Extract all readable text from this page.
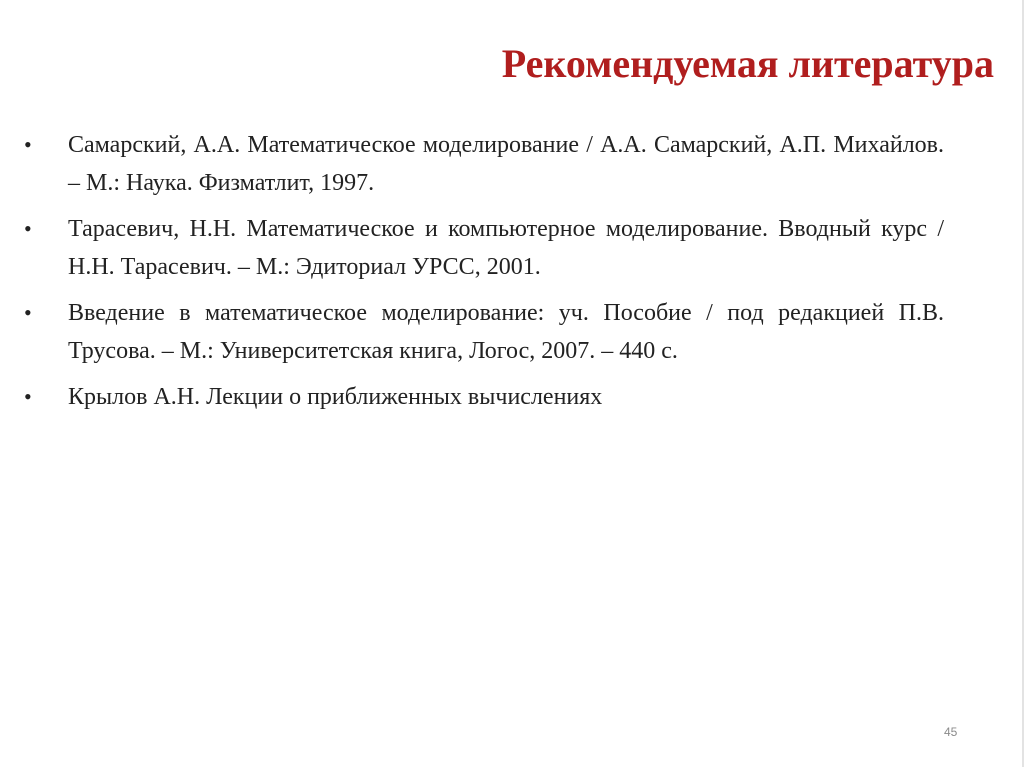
Рекомендуемая литература
•	Самарский, А.А. Математическое моделирование / А.А. Самарский, А.П. Михайлов. – М.: Наука. Физматлит, 1997.
•	Тарасевич, Н.Н. Математическое и компьютерное моделирование. Вводный курс / Н.Н. Тарасевич. – М.: Эдиториал УРСС, 2001.
•	Введение в математическое моделирование: уч. Пособие / под редакцией П.В. Трусова. – М.: Университетская книга, Логос, 2007. – 440 с.
•	Крылов А.Н. Лекции о приближенных вычислениях
45
